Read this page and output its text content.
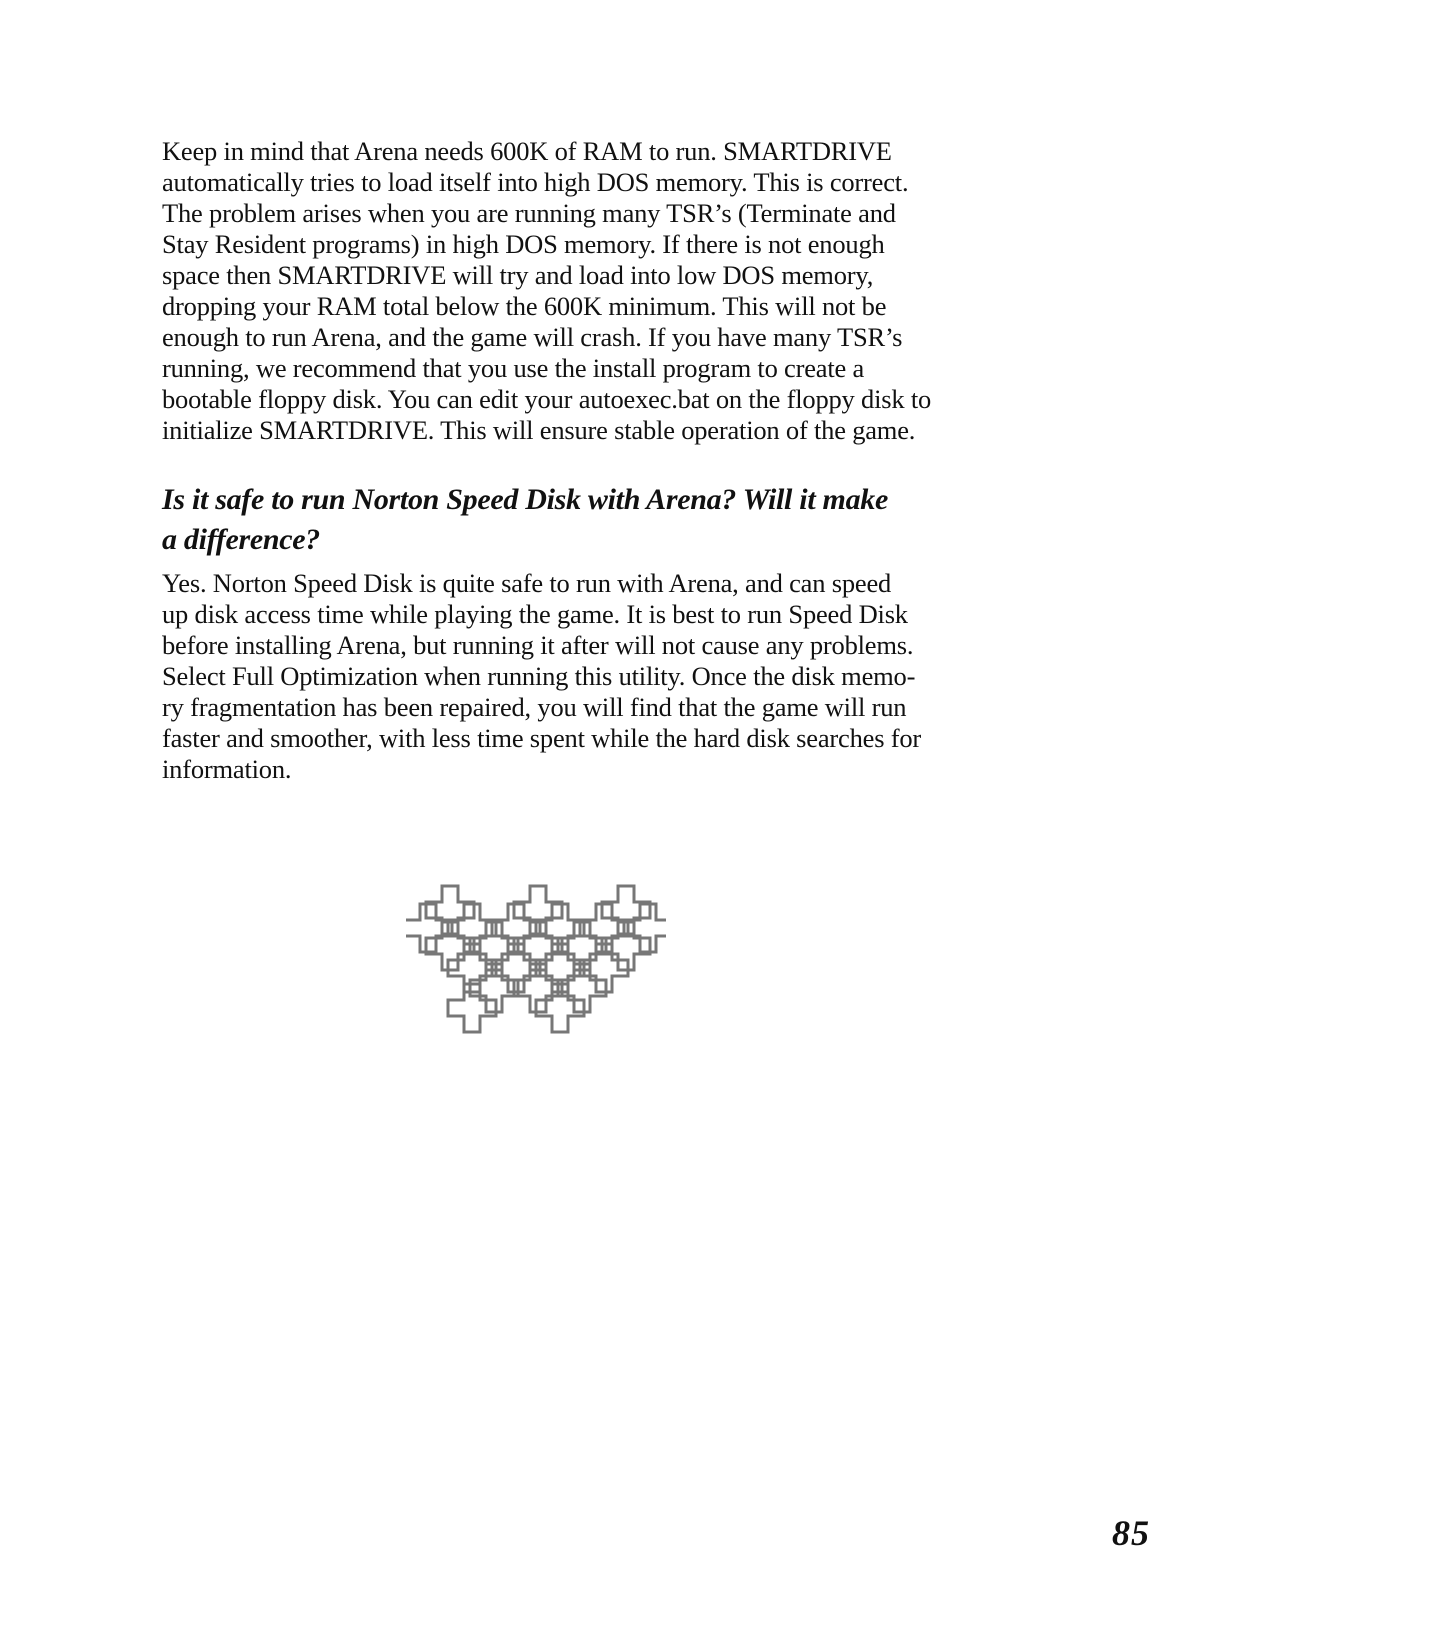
Keep in mind that Arena needs 600K of RAM to run. SMARTDRIVE
automatically tries to load itself into high DOS memory. This is correct.
The problem arises when you are running many TSR’s (Terminate and
Stay Resident programs) in high DOS memory. If there is not enough
space then SMARTDRIVE will try and load into low DOS memory,
dropping your RAM total below the 600K minimum. This will not be
enough to run Arena, and the game will crash. If you have many TSR’s
running, we recommend that you use the install program to create a
bootable floppy disk. You can edit your autoexec.bat on the floppy disk to
initialize SMARTDRIVE. This will ensure stable operation of the game.

Is it safe to run Norton Speed Disk with Arena? Will it make
a difference?

Yes. Norton Speed Disk is quite safe to run with Arena, and can speed
up disk access time while playing the game. It is best to run Speed Disk
before installing Arena, but running it after will not cause any problems.
Select Full Optimization when running this utility. Once the disk memo-
ry fragmentation has been repaired, you will find that the game will run
faster and smoother, with less time spent while the hard disk searches for
information.

85
